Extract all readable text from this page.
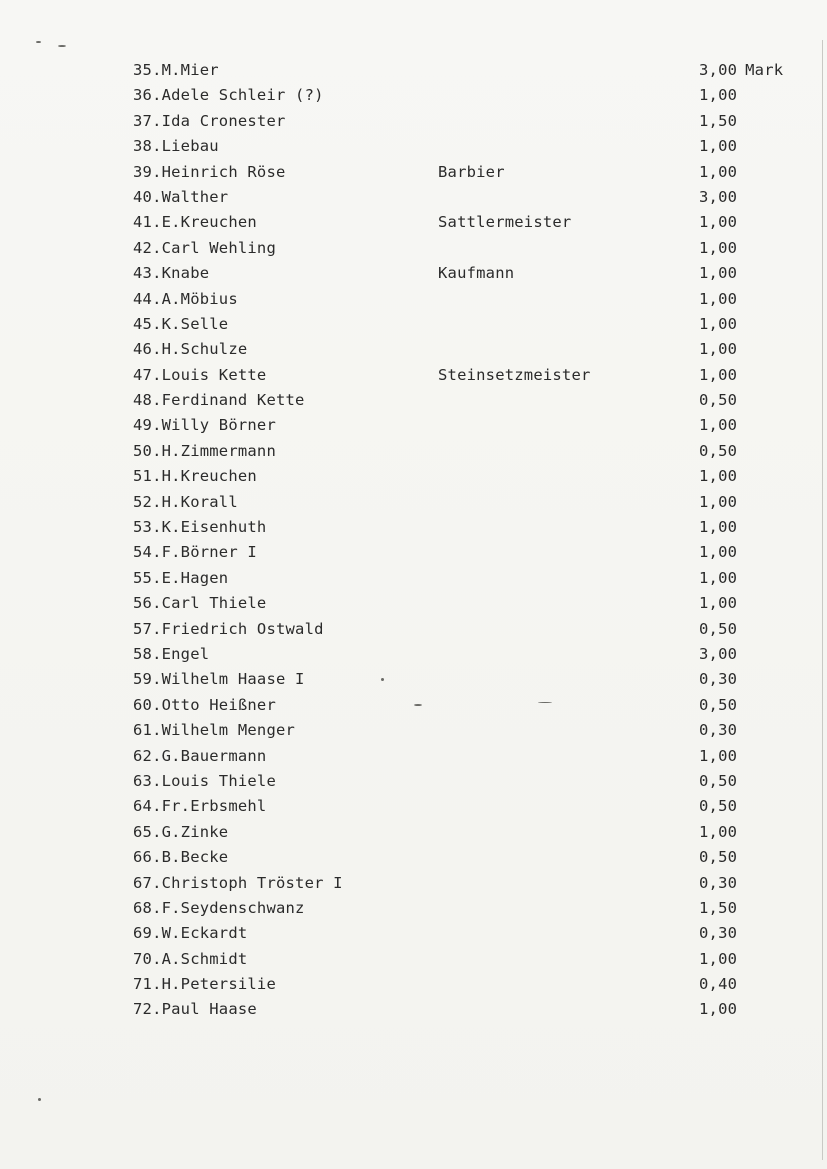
35.M.Mier	3,00 Mark
36.Adele Schleir (?)	1,00
37.Ida Cronester	1,50
38.Liebau	1,00
39.Heinrich Röse	Barbier	1,00
40.Walther	3,00
41.E.Kreuchen	Sattlermeister	1,00
42.Carl Wehling	1,00
43.Knabe	Kaufmann	1,00
44.A.Möbius	1,00
45.K.Selle	1,00
46.H.Schulze	1,00
47.Louis Kette	Steinsetzmeister	1,00
48.Ferdinand Kette	0,50
49.Willy Börner	1,00
50.H.Zimmermann	0,50
51.H.Kreuchen	1,00
52.H.Korall	1,00
53.K.Eisenhuth	1,00
54.F.Börner I	1,00
55.E.Hagen	1,00
56.Carl Thiele	1,00
57.Friedrich Ostwald	0,50
58.Engel	3,00
59.Wilhelm Haase I	0,30
60.Otto Heißner	0,50
61.Wilhelm Menger	0,30
62.G.Bauermann	1,00
63.Louis Thiele	0,50
64.Fr.Erbsmehl	0,50
65.G.Zinke	1,00
66.B.Becke	0,50
67.Christoph Tröster I	0,30
68.F.Seydenschwanz	1,50
69.W.Eckardt	0,30
70.A.Schmidt	1,00
71.H.Petersilie	0,40
72.Paul Haase	1,00
